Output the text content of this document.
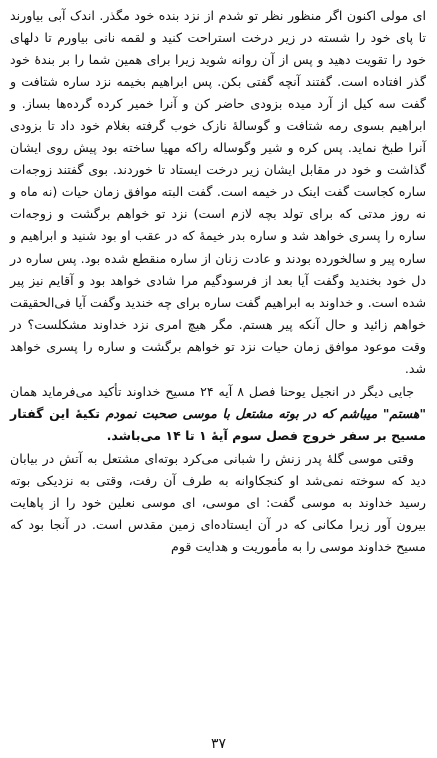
ای مولی اکنون اگر منظور نظر تو شدم از نزد بنده خود مگذر. اندک آبی بیاورند تا پای خود را شسته در زیر درخت استراحت کنید و لقمه نانی بیاورم تا دلهای خود را تقویت دهید و پس از آن روانه شوید زیرا برای همین شما را بر بندهٔ خود گذر افتاده است. گفتند آنچه گفتی بکن. پس ابراهیم بخیمه نزد ساره شتافت و گفت سه کیل از آرد میده بزودی حاضر کن و آنرا خمیر کرده گرده‌ها بساز. و ابراهیم بسوی رمه شتافت و گوسالهٔ نازک خوب گرفته بغلام خود داد تا بزودی آنرا طبخ نماید. پس کره و شیر وگوساله راکه مهیا ساخته بود پیش روی ایشان گذاشت و خود در مقابل ایشان زیر درخت ایستاد تا خوردند. بوی گفتند زوجه‌ات ساره کجاست گفت اینک در خیمه است. گفت البته موافق زمان حیات (نه ماه و نه روز مدتی که برای تولد بچه لازم است) نزد تو خواهم برگشت و زوجه‌ات ساره را پسری خواهد شد و ساره بدر خیمهٔ که در عقب او بود شنید و ابراهیم و ساره پیر و سالخورده بودند و عادت زنان از ساره منقطع شده بود. پس ساره در دل خود بخندید وگفت آیا بعد از فرسودگیم مرا شادی خواهد بود و آقایم نیز پیر شده است. و خداوند به ابراهیم گفت ساره برای چه خندید وگفت آیا فی‌الحقیقت خواهم زائید و حال آنکه پیر هستم. مگر هیچ امری نزد خداوند مشکلست؟ در وقت موعود موافق زمان حیات نزد تو خواهم برگشت و ساره را پسری خواهد شد.

جایی دیگر در انجیل یوحنا فصل ۸ آیه ۲۴ مسیح خداوند تأکید می‌فرماید همان "هستم" میباشم که در بوته مشتعل با موسی صحبت نمودم تکیهٔ این گفتار مسیح بر سفر خروج فصل سوم آیهٔ ۱ تا ۱۴ می‌باشد.

وقتی موسی گلهٔ پدر زنش را شبانی می‌کرد بوته‌ای مشتعل به آتش در بیابان دید که سوخته نمی‌شد او کنجکاوانه به طرف آن رفت، وقتی به نزدیکی بوته رسید خداوند به موسی گفت: ای موسی، ای موسی نعلین خود را از پاهایت بیرون آور زیرا مکانی که در آن ایستاده‌ای زمین مقدس است. در آنجا بود که مسیح خداوند موسی را به مأموریت و هدایت قوم

۳۷
